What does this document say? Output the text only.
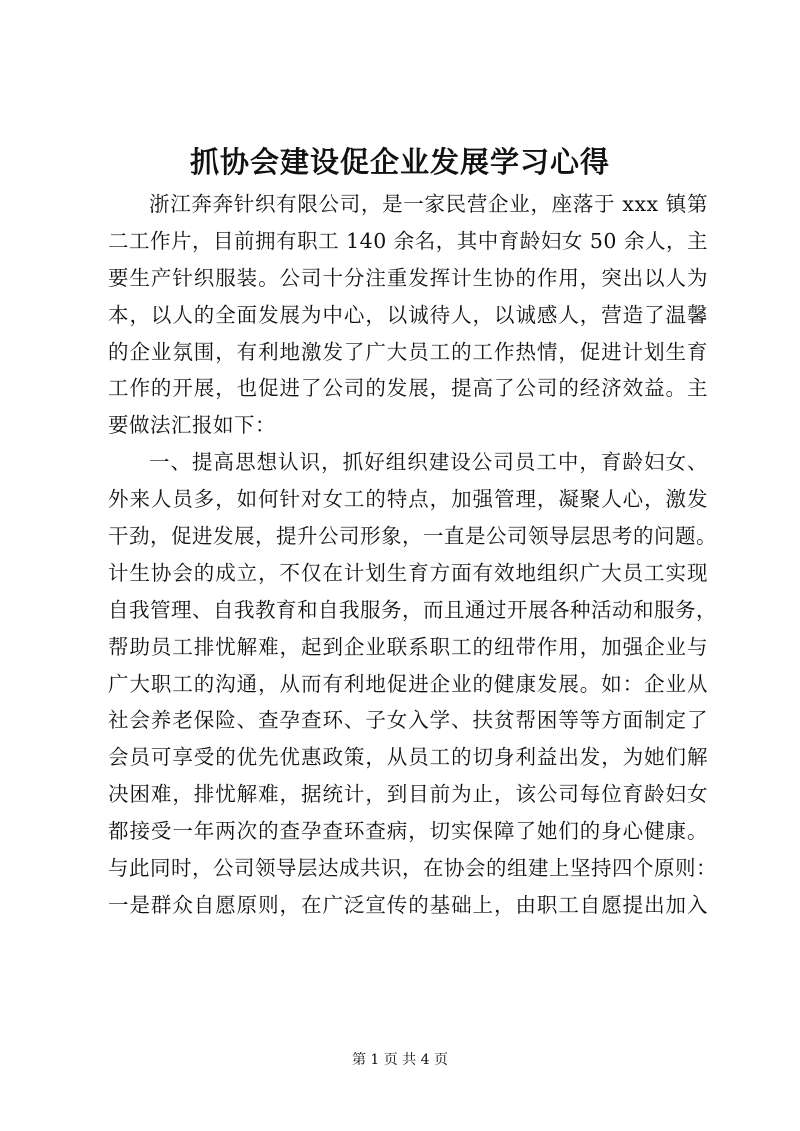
抓协会建设促企业发展学习心得
浙江奔奔针织有限公司，是一家民营企业，座落于 xxx 镇第
二工作片，目前拥有职工 140 余名，其中育龄妇女 50 余人，主
要生产针织服装。公司十分注重发挥计生协的作用，突出以人为
本，以人的全面发展为中心，以诚待人，以诚感人，营造了温馨
的企业氛围，有利地激发了广大员工的工作热情，促进计划生育
工作的开展，也促进了公司的发展，提高了公司的经济效益。主
要做法汇报如下：
一、提高思想认识，抓好组织建设公司员工中，育龄妇女、
外来人员多，如何针对女工的特点，加强管理，凝聚人心，激发
干劲，促进发展，提升公司形象，一直是公司领导层思考的问题。
计生协会的成立，不仅在计划生育方面有效地组织广大员工实现
自我管理、自我教育和自我服务，而且通过开展各种活动和服务，
帮助员工排忧解难，起到企业联系职工的纽带作用，加强企业与
广大职工的沟通，从而有利地促进企业的健康发展。如：企业从
社会养老保险、查孕查环、子女入学、扶贫帮困等等方面制定了
会员可享受的优先优惠政策，从员工的切身利益出发，为她们解
决困难，排忧解难，据统计，到目前为止，该公司每位育龄妇女
都接受一年两次的查孕查环查病，切实保障了她们的身心健康。
与此同时，公司领导层达成共识，在协会的组建上坚持四个原则：
一是群众自愿原则，在广泛宣传的基础上，由职工自愿提出加入
第 1 页 共 4 页
